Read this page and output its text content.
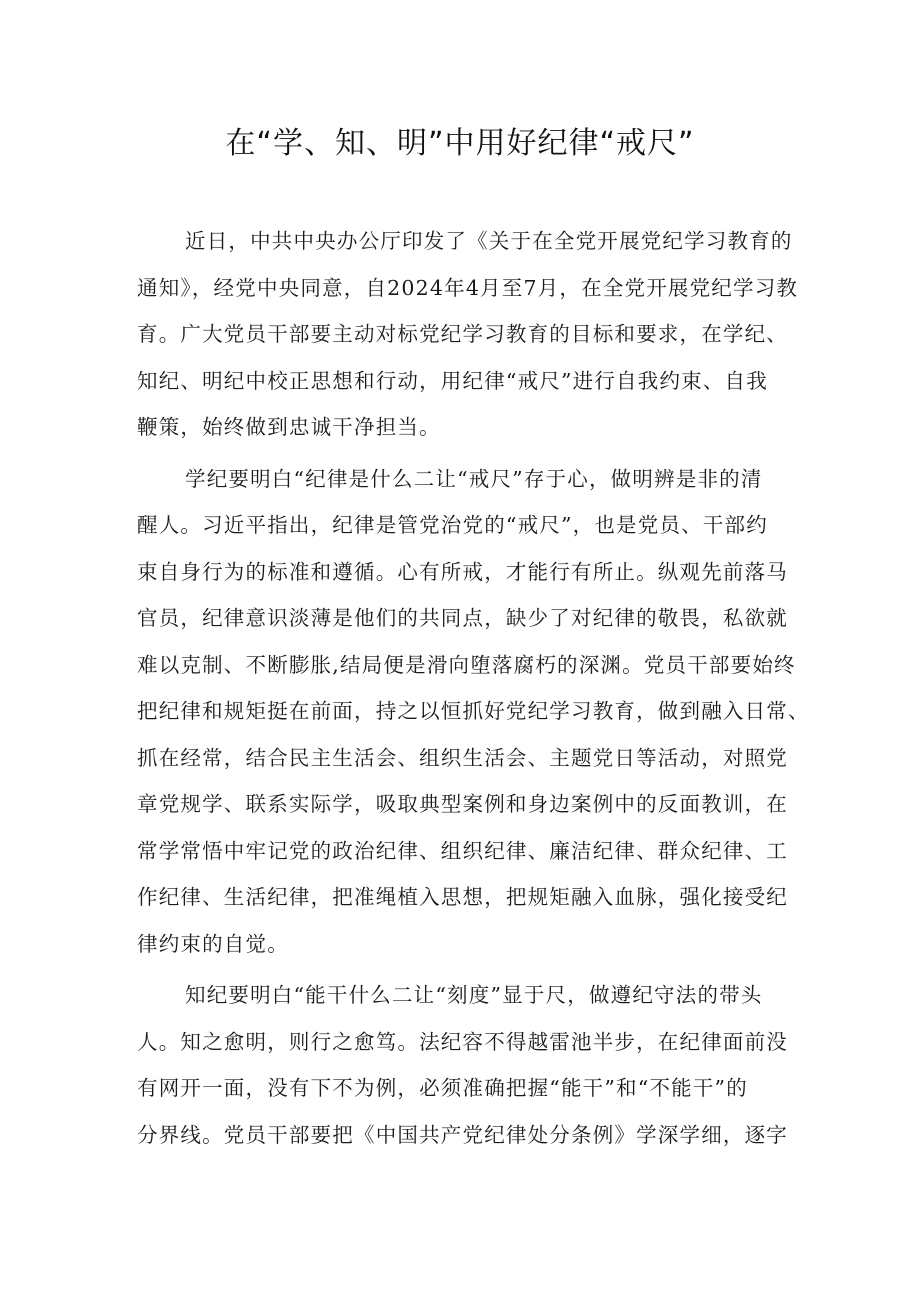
在“学、知、明”中用好纪律“戒尺”
近日，中共中央办公厅印发了《关于在全党开展党纪学习教育的
通知》，经党中央同意，自2024年4月至7月，在全党开展党纪学习教
育。广大党员干部要主动对标党纪学习教育的目标和要求，在学纪、
知纪、明纪中校正思想和行动，用纪律“戒尺”进行自我约束、自我
鞭策，始终做到忠诚干净担当。
学纪要明白“纪律是什么二让“戒尺”存于心，做明辨是非的清
醒人。习近平指出，纪律是管党治党的“戒尺”，也是党员、干部约
束自身行为的标准和遵循。心有所戒，才能行有所止。纵观先前落马
官员，纪律意识淡薄是他们的共同点，缺少了对纪律的敬畏，私欲就
难以克制、不断膨胀,结局便是滑向堕落腐朽的深渊。党员干部要始终
把纪律和规矩挺在前面，持之以恒抓好党纪学习教育，做到融入日常、
抓在经常，结合民主生活会、组织生活会、主题党日等活动，对照党
章党规学、联系实际学，吸取典型案例和身边案例中的反面教训，在
常学常悟中牢记党的政治纪律、组织纪律、廉洁纪律、群众纪律、工
作纪律、生活纪律，把准绳植入思想，把规矩融入血脉，强化接受纪
律约束的自觉。
知纪要明白“能干什么二让“刻度”显于尺，做遵纪守法的带头
人。知之愈明，则行之愈笃。法纪容不得越雷池半步，在纪律面前没
有网开一面，没有下不为例，必须准确把握“能干”和“不能干”的
分界线。党员干部要把《中国共产党纪律处分条例》学深学细，逐字
